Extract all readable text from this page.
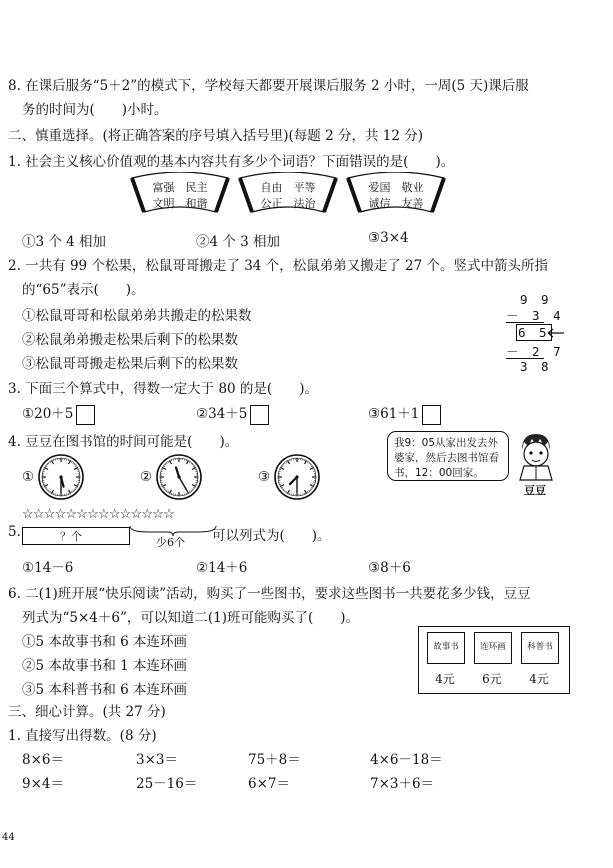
8. 在课后服务“5＋2”的模式下，学校每天都要开展课后服务 2 小时，一周(5 天)课后服
务的时间为(　　)小时。
二、慎重选择。(将正确答案的序号填入括号里)(每题 2 分，共 12 分)
1. 社会主义核心价值观的基本内容共有多少个词语？下面错误的是(　　)。
富强　民主
文明　和谐
自由　平等
公正　法治
爱国　敬业
诚信　友善
①3 个 4 相加	②4 个 3 相加	③3×4
2. 一共有 99 个松果，松鼠哥哥搬走了 34 个，松鼠弟弟又搬走了 27 个。竖式中箭头所指
的“65”表示(　　)。
①松鼠哥哥和松鼠弟弟共搬走的松果数
②松鼠弟弟搬走松果后剩下的松果数
③松鼠哥哥搬走松果后剩下的松果数
9 9
－ 3 4
6 5
－ 2 7
3 8
3. 下面三个算式中，得数一定大于 80 的是(　　)。
①20＋5	②34＋5	③61＋1
4. 豆豆在图书馆的时间可能是(　　)。
①	②	③
我9：05从家出发去外婆家，然后去图书馆看书，12：00回家。
豆豆
5.
☆☆☆☆☆☆☆☆☆☆☆☆☆☆
可以列式为(　　)。
？个	少6个
①14－6	②14＋6	③8＋6
6. 二(1)班开展“快乐阅读”活动，购买了一些图书，要求这些图书一共要花多少钱，豆豆
列式为“5×4＋6”，可以知道二(1)班可能购买了(　　)。
①5 本故事书和 6 本连环画
②5 本故事书和 1 本连环画
③5 本科普书和 6 本连环画
故事书	连环画	科普书
4元	6元	4元
三、细心计算。(共 27 分)
1. 直接写出得数。(8 分)
8×6＝	3×3＝	75＋8＝	4×6－18＝
9×4＝	25－16＝	6×7＝	7×3＋6＝
44
